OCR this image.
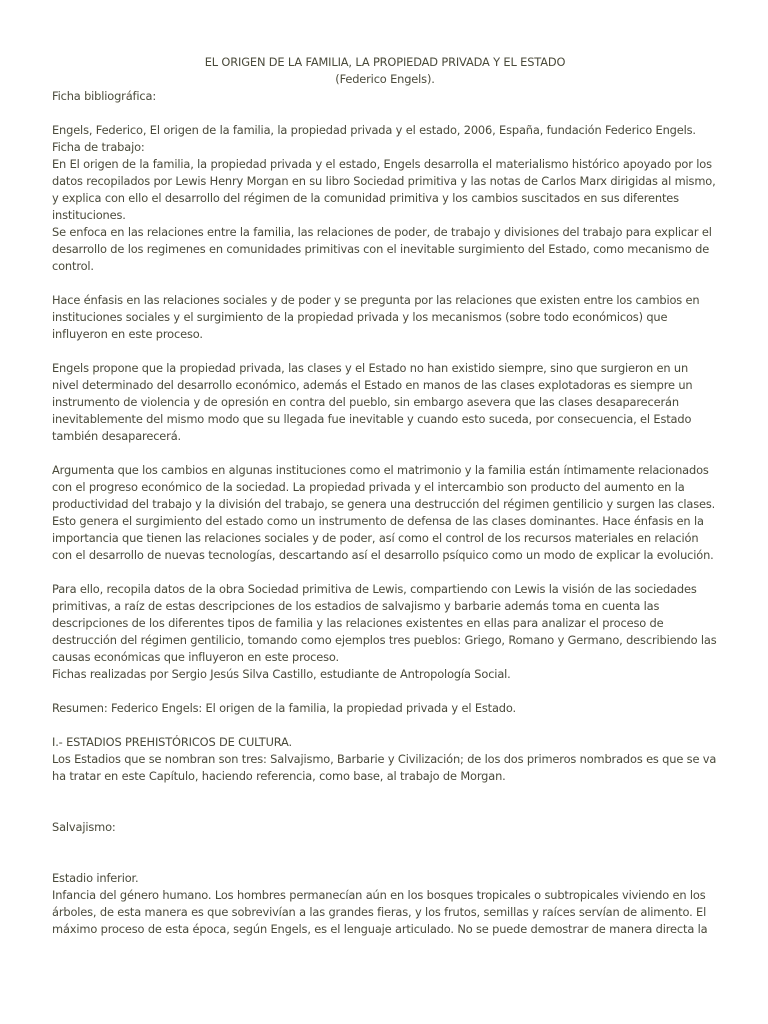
EL ORIGEN DE LA FAMILIA, LA PROPIEDAD PRIVADA Y EL ESTADO

(Federico Engels).

Ficha bibliográfica:

Engels, Federico, El origen de la familia, la propiedad privada y el estado, 2006, España, fundación Federico Engels.

Ficha de trabajo:

En El origen de la familia, la propiedad privada y el estado, Engels desarrolla el materialismo histórico apoyado por los datos recopilados por Lewis Henry Morgan en su libro Sociedad primitiva y las notas de Carlos Marx dirigidas al mismo, y explica con ello el desarrollo del régimen de la comunidad primitiva y los cambios suscitados en sus diferentes instituciones.

Se enfoca en las relaciones entre la familia, las relaciones de poder, de trabajo y divisiones del trabajo para explicar el desarrollo de los regimenes en comunidades primitivas con el inevitable surgimiento del Estado, como mecanismo de control.

Hace énfasis en las relaciones sociales y de poder y se pregunta por las relaciones que existen entre los cambios en instituciones sociales y el surgimiento de la propiedad privada y los mecanismos (sobre todo económicos) que influyeron en este proceso.

Engels propone que la propiedad privada, las clases y el Estado no han existido siempre, sino que surgieron en un nivel determinado del desarrollo económico, además el Estado en manos de las clases explotadoras es siempre un instrumento de violencia y de opresión en contra del pueblo, sin embargo asevera que las clases desaparecerán inevitablemente del mismo modo que su llegada fue inevitable y cuando esto suceda, por consecuencia, el Estado también desaparecerá.

Argumenta que los cambios en algunas instituciones como el matrimonio y la familia están íntimamente relacionados con el progreso económico de la sociedad. La propiedad privada y el intercambio son producto del aumento en la productividad del trabajo y la división del trabajo, se genera una destrucción del régimen gentilicio y surgen las clases. Esto genera el surgimiento del estado como un instrumento de defensa de las clases dominantes. Hace énfasis en la importancia que tienen las relaciones sociales y de poder, así como el control de los recursos materiales en relación con el desarrollo de nuevas tecnologías, descartando así el desarrollo psíquico como un modo de explicar la evolución.

Para ello, recopila datos de la obra Sociedad primitiva de Lewis, compartiendo con Lewis la visión de las sociedades primitivas, a raíz de estas descripciones de los estadios de salvajismo y barbarie además toma en cuenta las descripciones de los diferentes tipos de familia y las relaciones existentes en ellas para analizar el proceso de destrucción del régimen gentilicio, tomando como ejemplos tres pueblos: Griego, Romano y Germano, describiendo las causas económicas que influyeron en este proceso.

Fichas realizadas por Sergio Jesús Silva Castillo, estudiante de Antropología Social.

Resumen: Federico Engels: El origen de la familia, la propiedad privada y el Estado.

I.- ESTADIOS PREHISTÓRICOS DE CULTURA.

Los Estadios que se nombran son tres: Salvajismo, Barbarie y Civilización; de los dos primeros nombrados es que se va ha tratar en este Capítulo, haciendo referencia, como base, al trabajo de Morgan.

Salvajismo:

Estadio inferior.

Infancia del género humano. Los hombres permanecían aún en los bosques tropicales o subtropicales viviendo en los árboles, de esta manera es que sobrevivían a las grandes fieras, y los frutos, semillas y raíces servían de alimento. El máximo proceso de esta época, según Engels, es el lenguaje articulado. No se puede demostrar de manera directa la
